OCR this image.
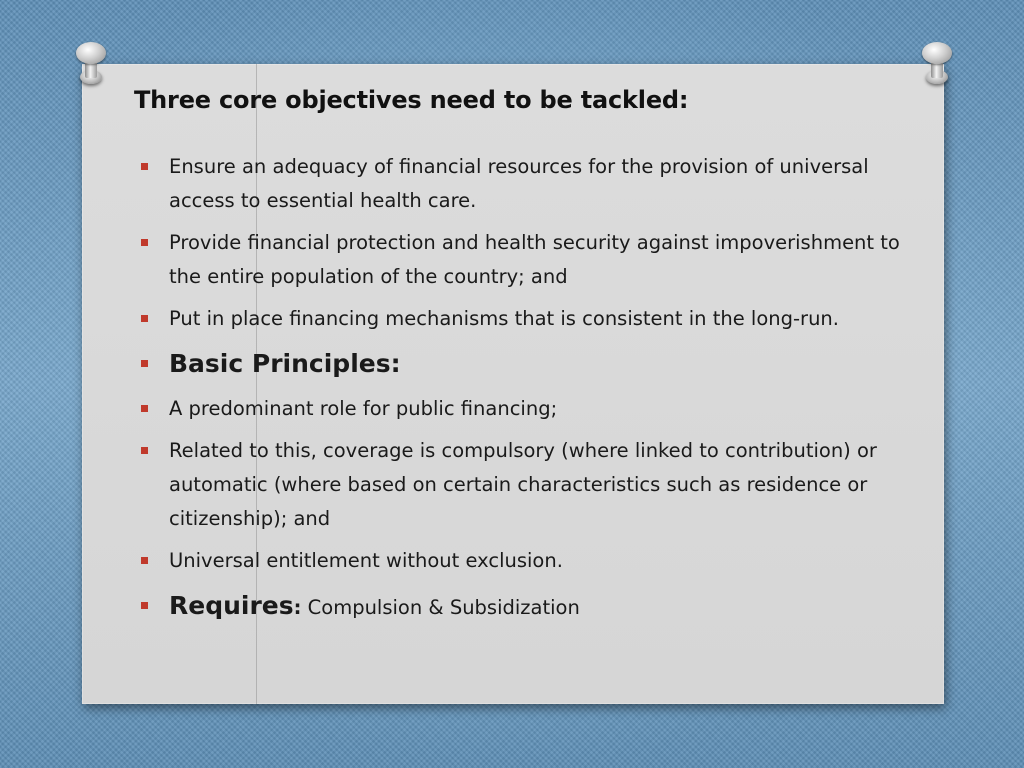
Three core objectives need to be tackled:
Ensure an adequacy of financial resources for the provision of universal access to essential health care.
Provide financial protection and health security against impoverishment to the entire population of the country; and
Put in place financing mechanisms that is consistent in the long-run.
Basic Principles:
A predominant role for public financing;
Related to this, coverage is compulsory (where linked to contribution) or automatic (where based on certain characteristics such as residence or citizenship); and
Universal entitlement without exclusion.
Requires: Compulsion & Subsidization
